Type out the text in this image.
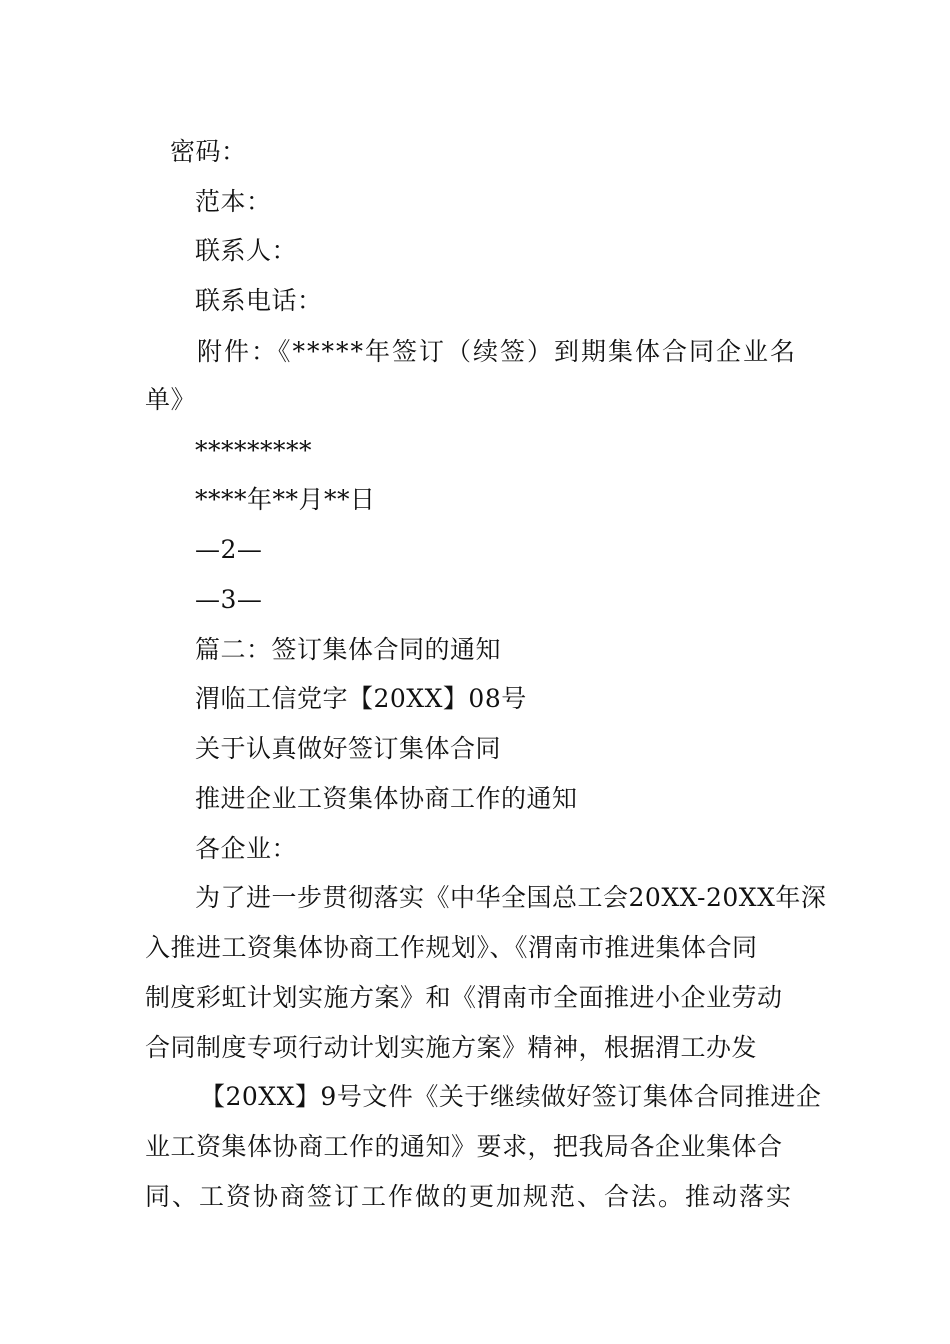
密码：
范本：
联系人：
联系电话：
附件：《*****年签订（续签）到期集体合同企业名
单》
*********
****年**月**日
—2—
—3—
篇二：签订集体合同的通知
渭临工信党字【20XX】08号
关于认真做好签订集体合同
推进企业工资集体协商工作的通知
各企业：
为了进一步贯彻落实《中华全国总工会20XX-20XX年深
入推进工资集体协商工作规划》、《渭南市推进集体合同
制度彩虹计划实施方案》和《渭南市全面推进小企业劳动
合同制度专项行动计划实施方案》精神，根据渭工办发
【20XX】9号文件《关于继续做好签订集体合同推进企
业工资集体协商工作的通知》要求，把我局各企业集体合
同、工资协商签订工作做的更加规范、合法。推动落实
